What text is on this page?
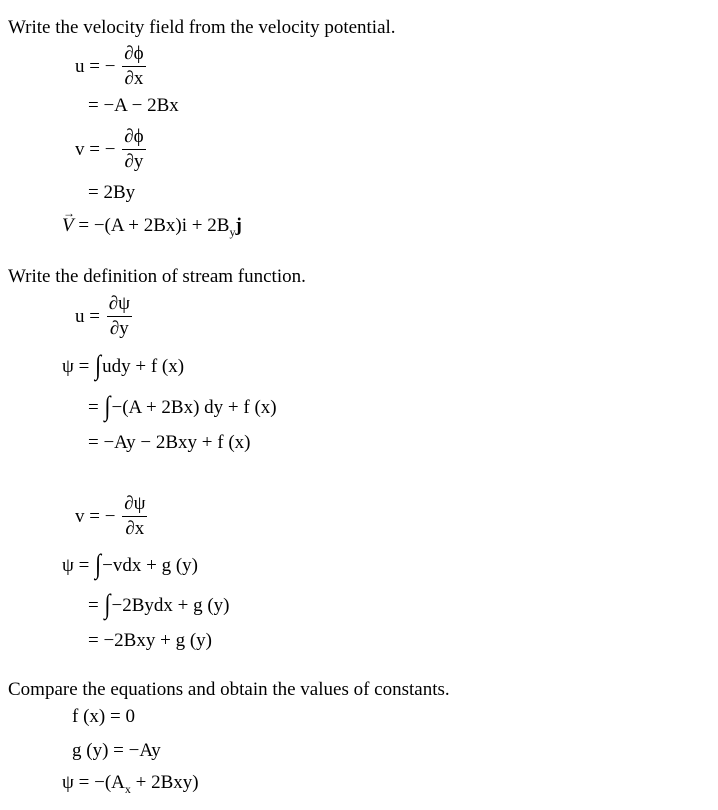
Write the velocity field from the velocity potential.
u = − $\frac{\partial\phi}{\partial x}$
= −A − 2Bx
v = − $\frac{\partial\phi}{\partial y}$
= 2By
V → = $-(A + 2Bx)i + 2B_yj$
Write the definition of stream function.
$u = \frac{\partial\psi}{\partial y}$
ψ = ∫udy + f (x)
= ∫−(A + 2Bx) dy + f (x)
= −Ay − 2Bxy + f (x)
v = − $\frac{\partial\psi}{\partial x}$
ψ = ∫−vdx + g (y)
= ∫−2Bydx + g (y)
= −2Bxy + g (y)
Compare the equations and obtain the values of constants.
f (x) = 0
g (y) = −Ay
$\psi = -(A_x + 2Bxy)$
